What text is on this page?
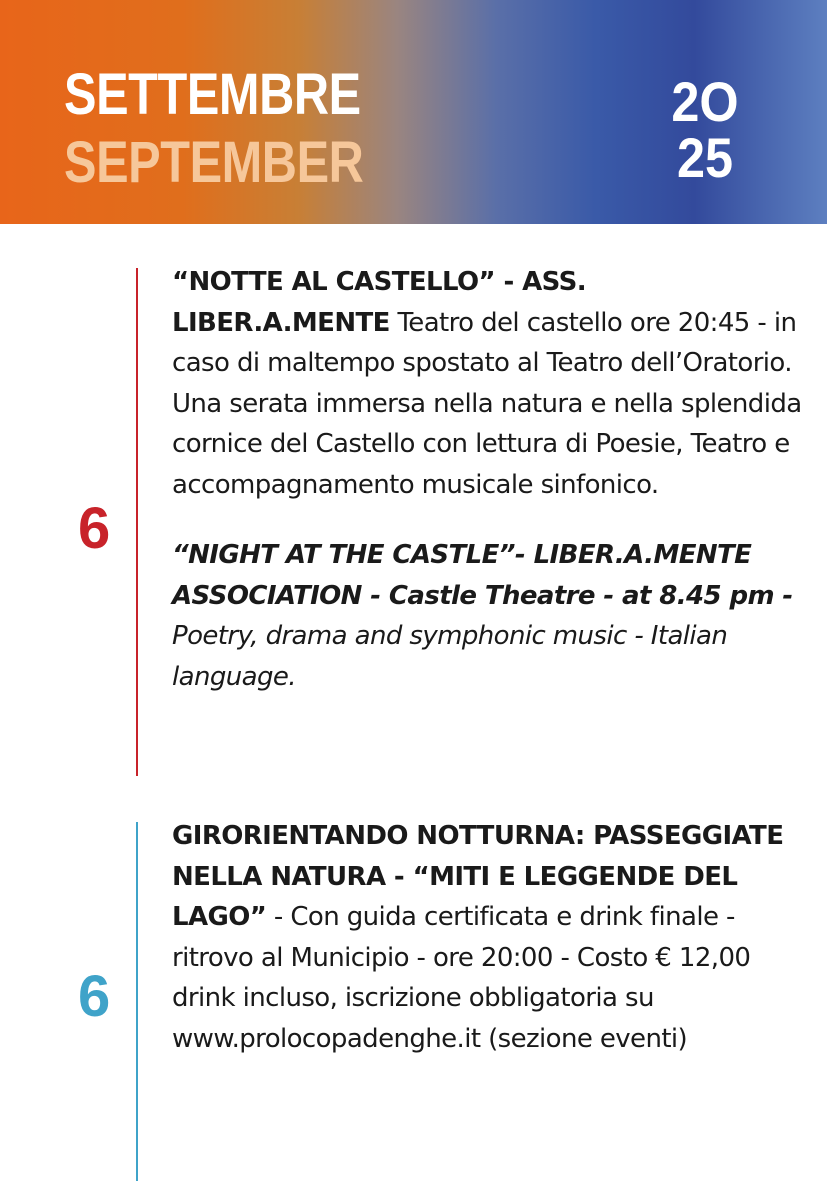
SETTEMBRE
SEPTEMBER
2O
25
6

“NOTTE AL CASTELLO” - ASS. LIBER.A.MENTE Teatro del castello ore 20:45 - in caso di maltempo spostato al Teatro dell’Oratorio.

Una serata immersa nella natura e nella splendida cornice del Castello con lettura di Poesie, Teatro e accompagnamento musicale sinfonico.

“NIGHT AT THE CASTLE”- LIBER.A.MENTE ASSOCIATION - Castle Theatre - at 8.45 pm - Poetry, drama and symphonic music - Italian language.

6

GIRORIENTANDO NOTTURNA: PASSEGGIATE NELLA NATURA - “MITI E LEGGENDE DEL LAGO” - Con guida certificata e drink finale - ritrovo al Municipio - ore 20:00 - Costo € 12,00 drink incluso, iscrizione obbligatoria su www.prolocopadenghe.it (sezione eventi)
